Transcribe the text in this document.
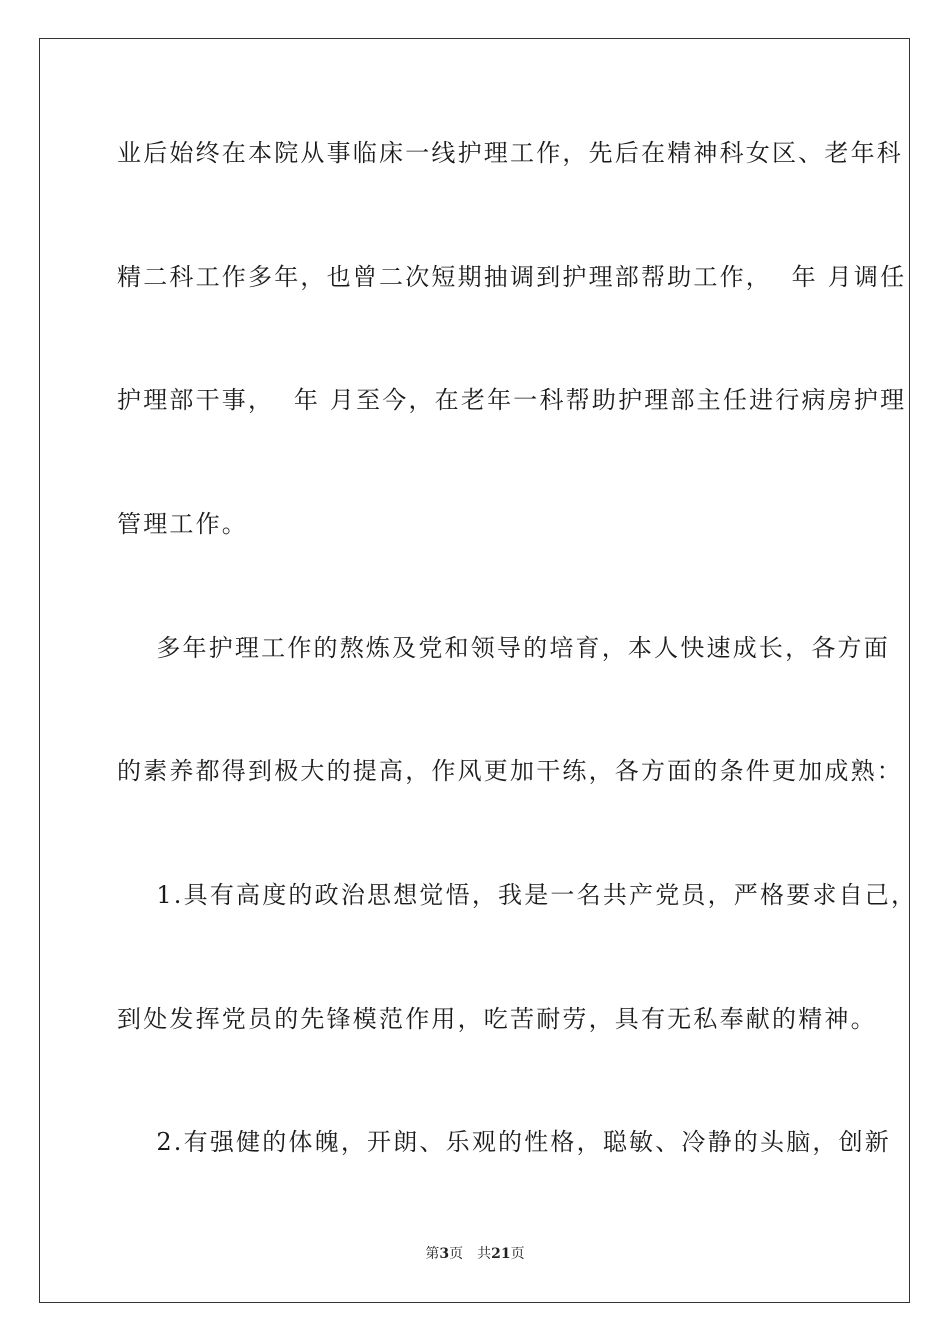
业后始终在本院从事临床一线护理工作，先后在精神科女区、老年科
精二科工作多年，也曾二次短期抽调到护理部帮助工作，  年 月调任
护理部干事，  年 月至今，在老年一科帮助护理部主任进行病房护理
管理工作。
多年护理工作的熬炼及党和领导的培育，本人快速成长，各方面
的素养都得到极大的提高，作风更加干练，各方面的条件更加成熟：
1.具有高度的政治思想觉悟，我是一名共产党员，严格要求自己，
到处发挥党员的先锋模范作用，吃苦耐劳，具有无私奉献的精神。
2.有强健的体魄，开朗、乐观的性格，聪敏、冷静的头脑，创新
第3页 共21页
